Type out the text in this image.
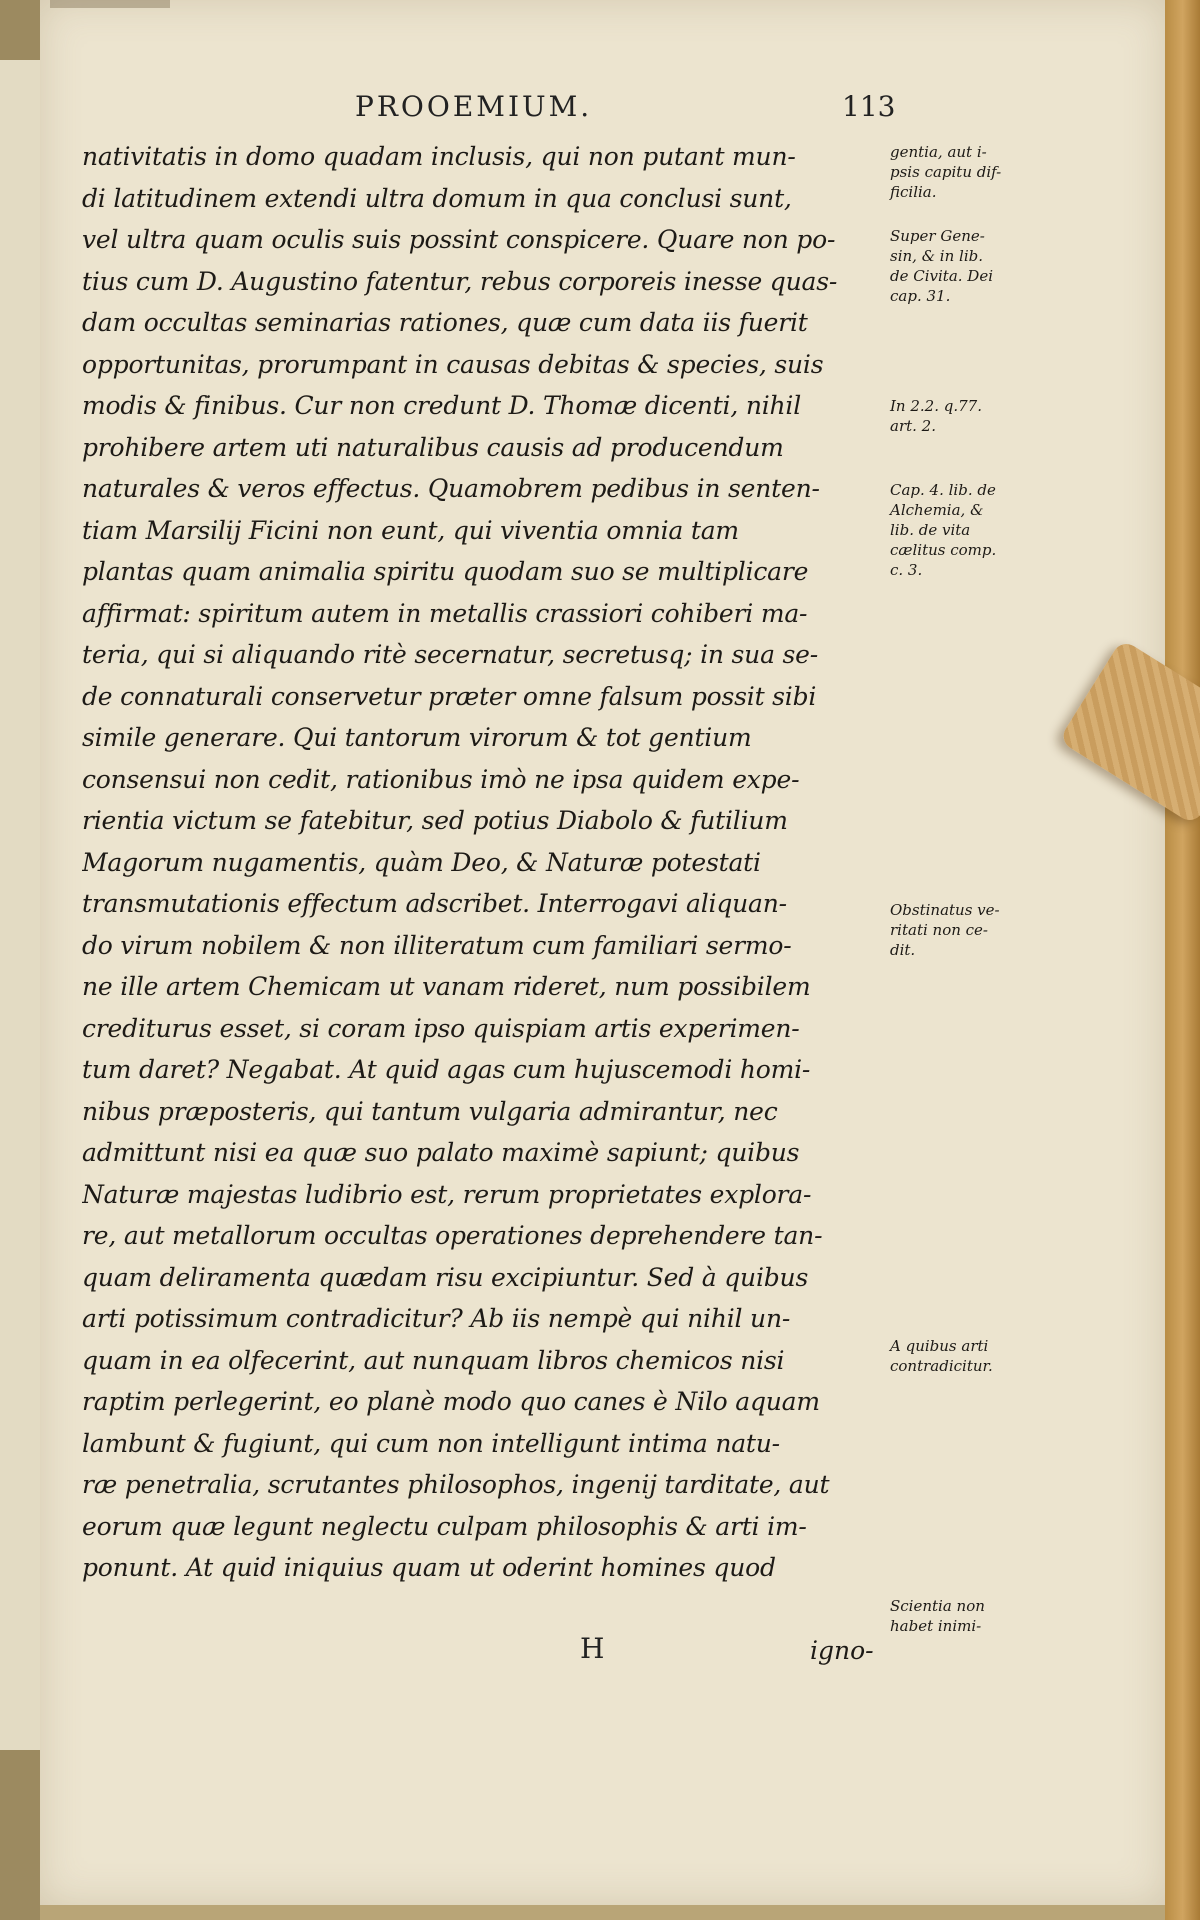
PROOEMIUM.	113
nativitatis in domo quadam inclusis, qui non putant mun-
di latitudinem extendi ultra domum in qua conclusi sunt,
vel ultra quam oculis suis possint conspicere. Quare non po-
tius cum D. Augustino fatentur, rebus corporeis inesse quas-
dam occultas seminarias rationes, quæ cum data iis fuerit
opportunitas, prorumpant in causas debitas & species, suis
modis & finibus. Cur non credunt D. Thomæ dicenti, nihil
prohibere artem uti naturalibus causis ad producendum
naturales & veros effectus. Quamobrem pedibus in senten-
tiam Marsilij Ficini non eunt, qui viventia omnia tam
plantas quam animalia spiritu quodam suo se multiplicare
affirmat: spiritum autem in metallis crassiori cohiberi ma-
teria, qui si aliquando ritè secernatur, secretusq; in sua se-
de connaturali conservetur præter omne falsum possit sibi
simile generare. Qui tantorum virorum & tot gentium
consensui non cedit, rationibus imò ne ipsa quidem expe-
rientia victum se fatebitur, sed potius Diabolo & futilium
Magorum nugamentis, quàm Deo, & Naturæ potestati
transmutationis effectum adscribet. Interrogavi aliquan-
do virum nobilem & non illiteratum cum familiari sermo-
ne ille artem Chemicam ut vanam rideret, num possibilem
crediturus esset, si coram ipso quispiam artis experimen-
tum daret? Negabat. At quid agas cum hujuscemodi homi-
nibus præposteris, qui tantum vulgaria admirantur, nec
admittunt nisi ea quæ suo palato maximè sapiunt; quibus
Naturæ majestas ludibrio est, rerum proprietates explora-
re, aut metallorum occultas operationes deprehendere tan-
quam deliramenta quædam risu excipiuntur. Sed à quibus
arti potissimum contradicitur? Ab iis nempè qui nihil un-
quam in ea olfecerint, aut nunquam libros chemicos nisi
raptim perlegerint, eo planè modo quo canes è Nilo aquam
lambunt & fugiunt, qui cum non intelligunt intima natu-
ræ penetralia, scrutantes philosophos, ingenij tarditate, aut
eorum quæ legunt neglectu culpam philosophis & arti im-
ponunt. At quid iniquius quam ut oderint homines quod
H	igno-
gentia, aut i-
psis capitu dif-
ficilia.
Super Gene-
sin, & in lib.
de Civita. Dei
cap. 31.
In 2.2. q.77.
art. 2.
Cap. 4. lib. de
Alchemia, &
lib. de vita
cælitus comp.
c. 3.
Obstinatus ve-
ritati non ce-
dit.
A quibus arti
contradicitur.
Scientia non
habet inimi-
